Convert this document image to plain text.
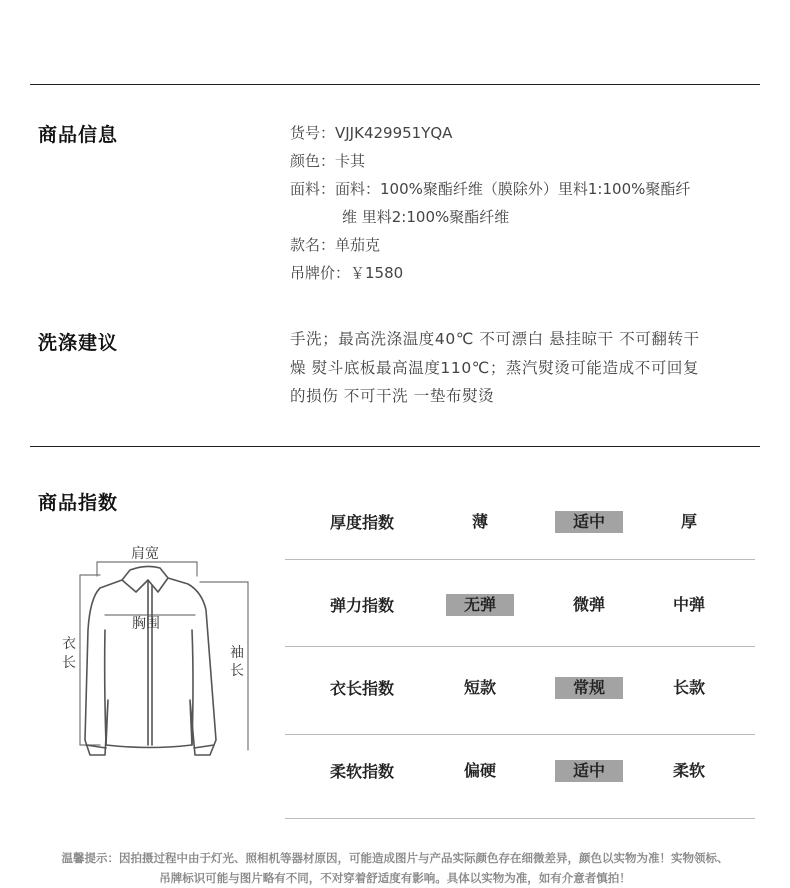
商品信息	货号：VJJK429951YQA
颜色：卡其
面料：面料：100%聚酯纤维（膜除外）里料1:100%聚酯纤
维 里料2:100%聚酯纤维
款名：单茄克
吊牌价：￥1580
洗涤建议	手洗；最高洗涤温度40℃ 不可漂白 悬挂晾干 不可翻转干
燥 熨斗底板最高温度110℃；蒸汽熨烫可能造成不可回复
的损伤 不可干洗 一垫布熨烫
商品指数
肩宽
胸围
衣
长
袖
长
厚度指数	薄	适中	厚
弹力指数	无弹	微弹	中弹
衣长指数	短款	常规	长款
柔软指数	偏硬	适中	柔软
温馨提示：因拍摄过程中由于灯光、照相机等器材原因，可能造成图片与产品实际颜色存在细微差异，颜色以实物为准！实物领标、
吊牌标识可能与图片略有不同，不对穿着舒适度有影响。具体以实物为准，如有介意者慎拍！
